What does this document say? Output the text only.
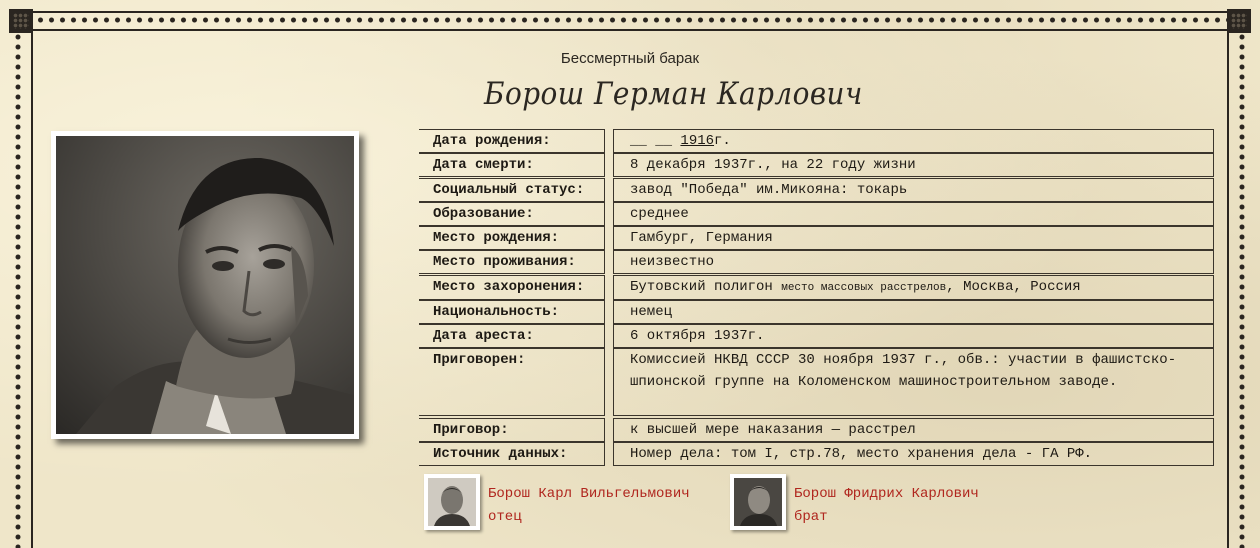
Бессмертный барак
Борош Герман Карлович
Дата рождения:	__ __ 1916г.
Дата смерти:	8 декабря 1937г., на 22 году жизни
Социальный статус:	завод "Победа" им.Микояна: токарь
Образование:	среднее
Место рождения:	Гамбург, Германия
Место проживания:	неизвестно
Место захоронения:	Бутовский полигон место массовых расстрелов, Москва, Россия
Национальность:	немец
Дата ареста:	6 октября 1937г.
Приговорен:	Комиссией НКВД СССР 30 ноября 1937 г., обв.: участии в фашистско-шпионской группе на Коломенском машиностроительном заводе.
Приговор:	к высшей мере наказания — расстрел
Источник данных:	Номер дела: том I, стр.78, место хранения дела - ГА РФ.
Борош Карл Вильгельмович
отец
Борош Фридрих Карлович
брат
